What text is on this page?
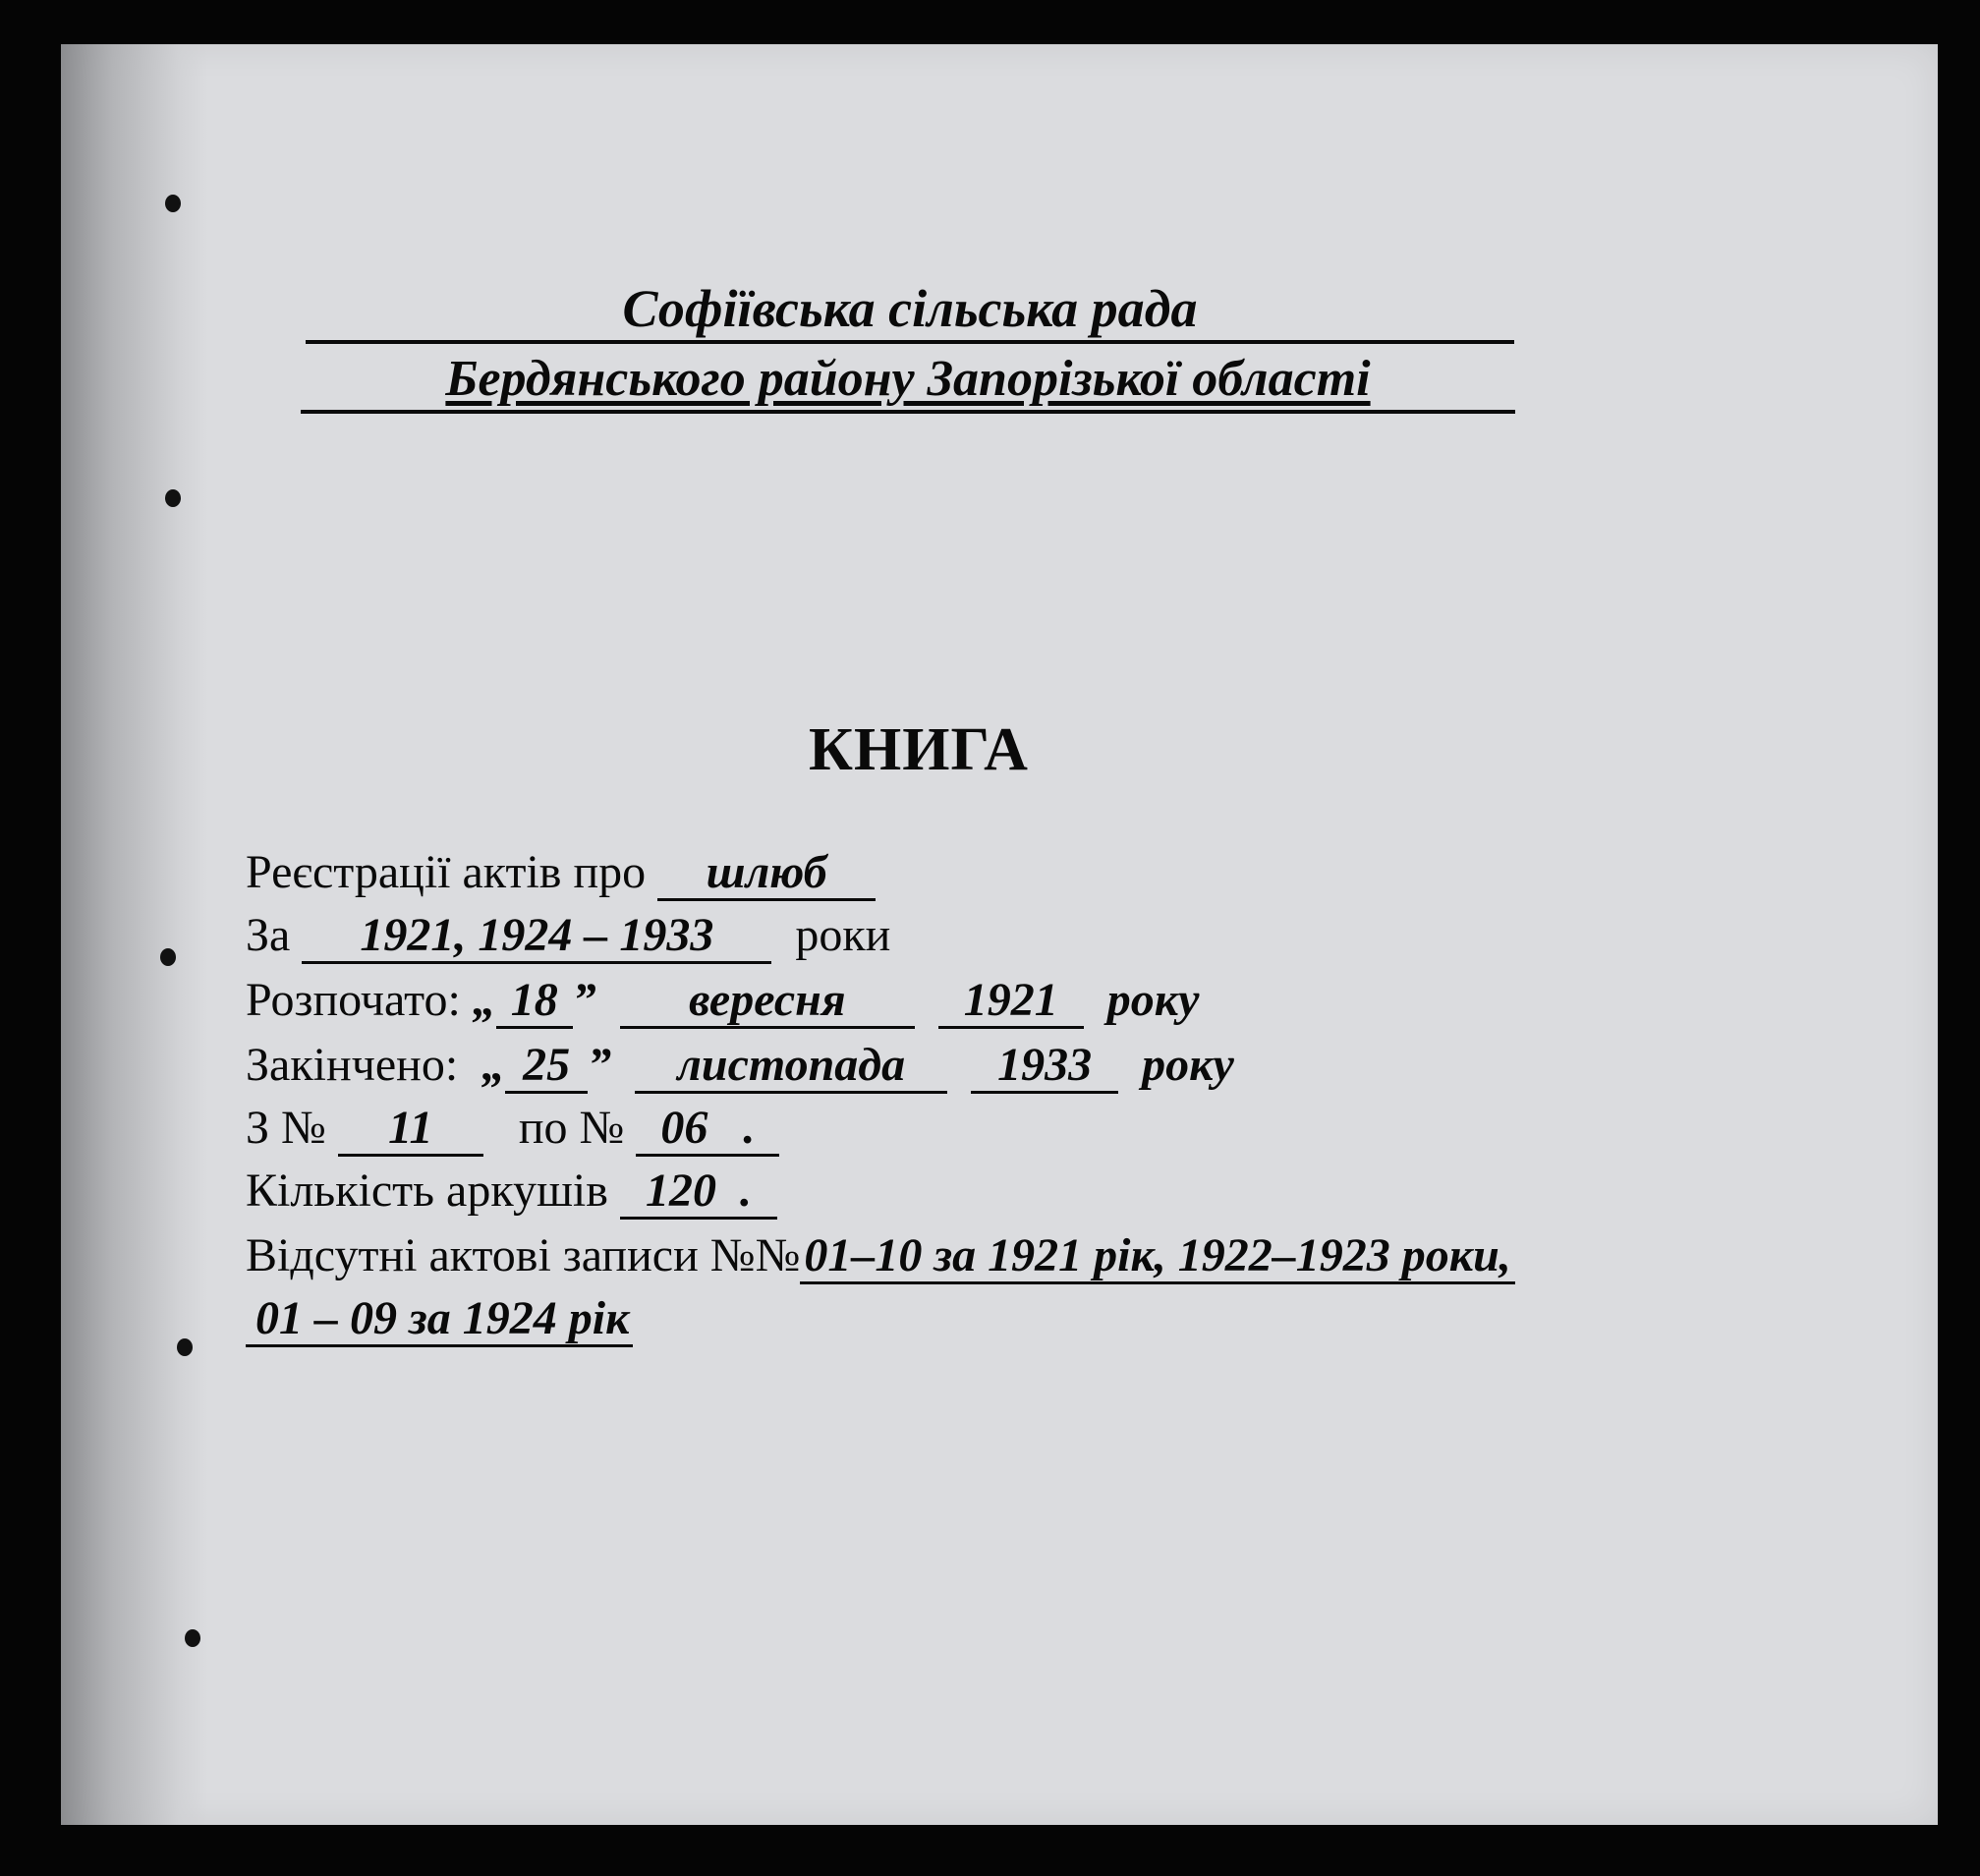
Софіївська сільська рада
Бердянського району Запорізької області
КНИГА
Реєстрації актів про шлюб
За 1921, 1924 – 1933 роки
Розпочато: „ 18 ” вересня	1921 року
Закінчено: „ 25 ” листопада 1933 року
З № 11 по № 06 .
Кількість аркушів 120 .
Відсутні актові записи №№01–10 за 1921 рік, 1922–1923 роки,
01 – 09 за 1924 рік
